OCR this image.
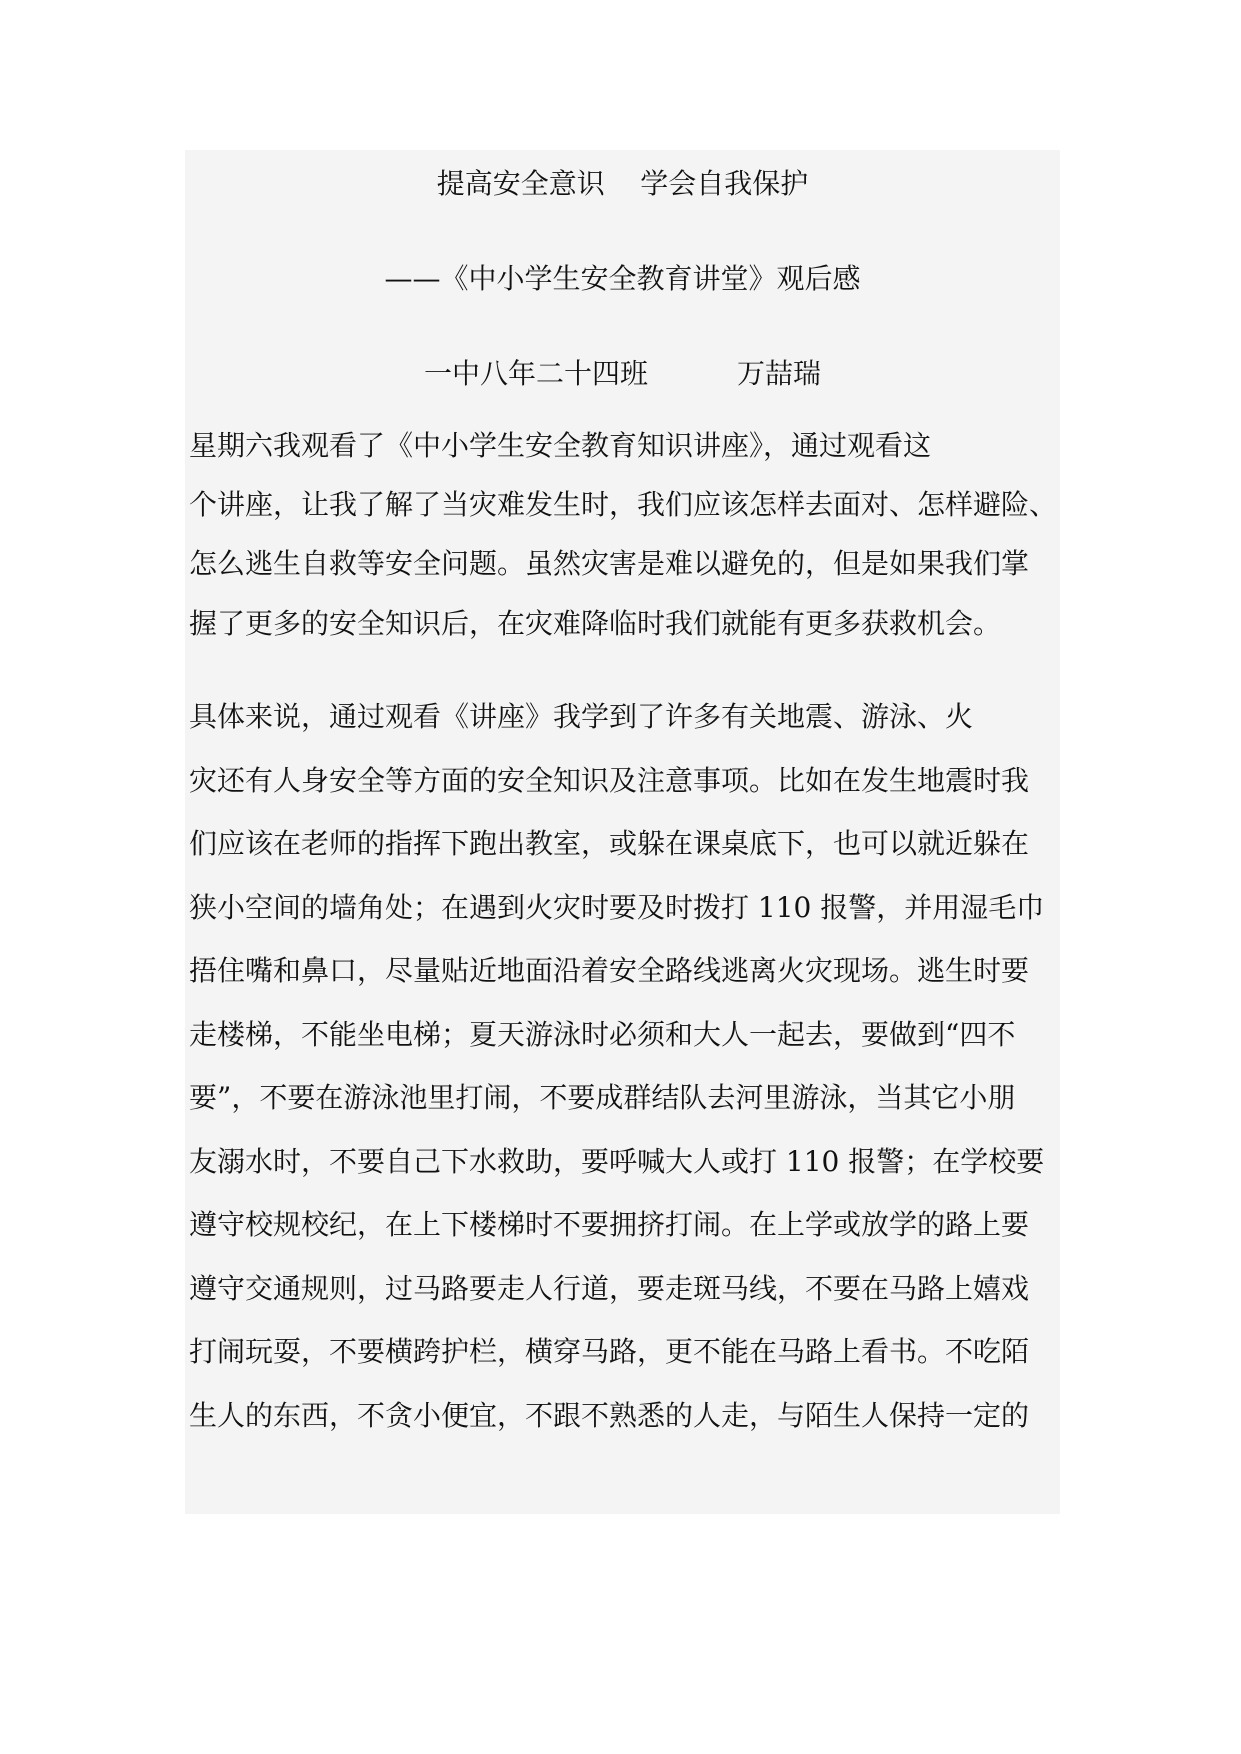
提高安全意识    学会自我保护
——《中小学生安全教育讲堂》观后感
一中八年二十四班          万喆瑞

星期六我观看了《中小学生安全教育知识讲座》，通过观看这

个讲座，让我了解了当灾难发生时，我们应该怎样去面对、怎样避险、

怎么逃生自救等安全问题。虽然灾害是难以避免的，但是如果我们掌

握了更多的安全知识后，在灾难降临时我们就能有更多获救机会。

具体来说，通过观看《讲座》我学到了许多有关地震、游泳、火

灾还有人身安全等方面的安全知识及注意事项。比如在发生地震时我

们应该在老师的指挥下跑出教室，或躲在课桌底下，也可以就近躲在

狭小空间的墙角处；在遇到火灾时要及时拨打 110 报警，并用湿毛巾

捂住嘴和鼻口，尽量贴近地面沿着安全路线逃离火灾现场。逃生时要

走楼梯，不能坐电梯；夏天游泳时必须和大人一起去，要做到“四不

要”，不要在游泳池里打闹，不要成群结队去河里游泳，当其它小朋

友溺水时，不要自己下水救助，要呼喊大人或打 110 报警；在学校要

遵守校规校纪，在上下楼梯时不要拥挤打闹。在上学或放学的路上要

遵守交通规则，过马路要走人行道，要走斑马线，不要在马路上嬉戏

打闹玩耍，不要横跨护栏，横穿马路，更不能在马路上看书。不吃陌

生人的东西，不贪小便宜，不跟不熟悉的人走，与陌生人保持一定的
